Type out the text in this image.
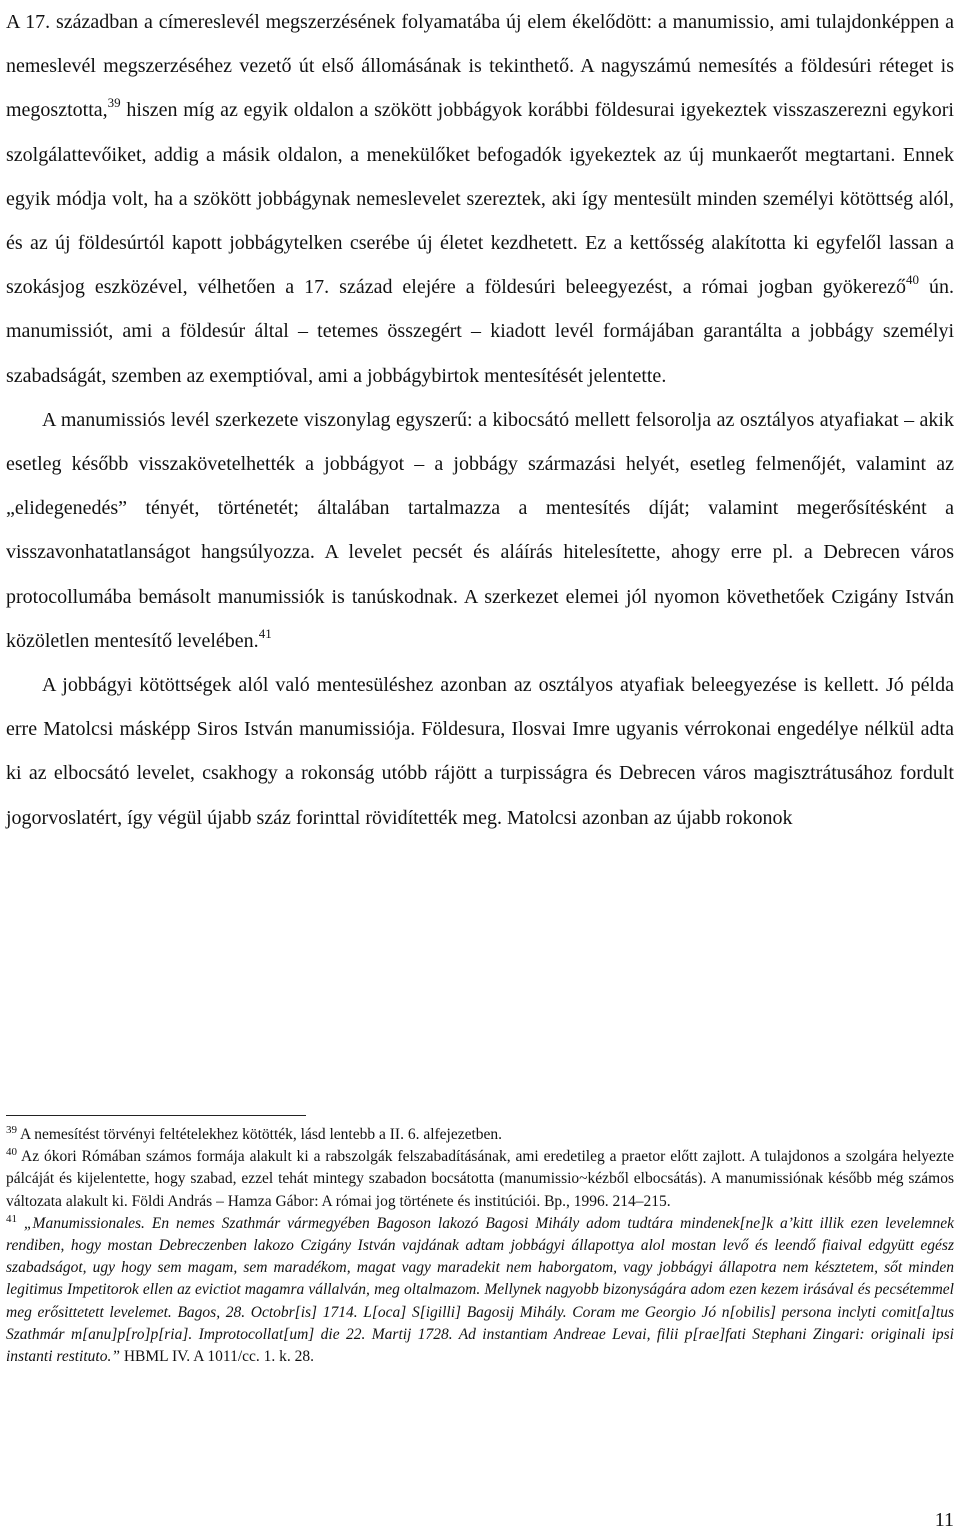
A 17. században a címereslevél megszerzésének folyamatába új elem ékelődött: a manumissio, ami tulajdonképpen a nemeslevél megszerzéséhez vezető út első állomásának is tekinthető. A nagyszámú nemesítés a földesúri réteget is megosztotta,$^{39}$ hiszen míg az egyik oldalon a szökött jobbágyok korábbi földesurai igyekeztek visszaszerezni egykori szolgálattevőiket, addig a másik oldalon, a menekülőket befogadók igyekeztek az új munkaerőt megtartani. Ennek egyik módja volt, ha a szökött jobbágynak nemeslevelet szereztek, aki így mentesült minden személyi kötöttség alól, és az új földesúrtól kapott jobbágytelken cserébe új életet kezdhetett. Ez a kettősség alakította ki egyfelől lassan a szokásjog eszközével, vélhetően a 17. század elejére a földesúri beleegyezést, a római jogban gyökerező$^{40}$ ún. manumissiót, ami a földesúr által – tetemes összegért – kiadott levél formájában garantálta a jobbágy személyi szabadságát, szemben az exemptióval, ami a jobbágybirtok mentesítését jelentette.

A manumissiós levél szerkezete viszonylag egyszerű: a kibocsátó mellett felsorolja az osztályos atyafiakat – akik esetleg később visszakövetelhették a jobbágyot – a jobbágy származási helyét, esetleg felmenőjét, valamint az „elidegenedés” tényét, történetét; általában tartalmazza a mentesítés díját; valamint megerősítésként a visszavonhatatlanságot hangsúlyozza. A levelet pecsét és aláírás hitelesítette, ahogy erre pl. a Debrecen város protocollumába bemásolt manumissiók is tanúskodnak. A szerkezet elemei jól nyomon követhetőek Czigány István közöletlen mentesítő levelében.$^{41}$

A jobbágyi kötöttségek alól való mentesüléshez azonban az osztályos atyafiak beleegyezése is kellett. Jó példa erre Matolcsi másképp Siros István manumissiója. Földesura, Ilosvai Imre ugyanis vérrokonai engedélye nélkül adta ki az elbocsátó levelet, csakhogy a rokonság utóbb rájött a turpisságra és Debrecen város magisztrátusához fordult jogorvoslatért, így végül újabb száz forinttal rövidítették meg. Matolcsi azonban az újabb rokonok

$^{39}$ A nemesítést törvényi feltételekhez kötötték, lásd lentebb a II. 6. alfejezetben.

$^{40}$ Az ókori Rómában számos formája alakult ki a rabszolgák felszabadításának, ami eredetileg a praetor előtt zajlott. A tulajdonos a szolgára helyezte pálcáját és kijelentette, hogy szabad, ezzel tehát mintegy szabadon bocsátotta (manumissio~kézből elbocsátás). A manumissiónak később még számos változata alakult ki. Földi András – Hamza Gábor: A római jog története és institúciói. Bp., 1996. 214–215.

$^{41}$ „Manumissionales. En nemes Szathmár vármegyében Bagoson lakozó Bagosi Mihály adom tudtára mindenek[ne]k a’kitt illik ezen levelemnek rendiben, hogy mostan Debreczenben lakozo Czigány István vajdának adtam jobbágyi állapottya alol mostan levő és leendő fiaival edgyütt egész szabadságot, ugy hogy sem magam, sem maradékom, magat vagy maradekit nem haborgatom, vagy jobbágyi állapotra nem késztetem, sőt minden legitimus Impetitorok ellen az evictiot magamra vállalván, meg oltalmazom. Mellynek nagyobb bizonyságára adom ezen kezem irásával és pecsétemmel meg erősittetett levelemet. Bagos, 28. Octobr[is] 1714. L[oca] S[igilli] Bagosij Mihály. Coram me Georgio Jó n[obilis] persona inclyti comit[a]tus Szathmár m[anu]p[ro]p[ria]. Improtocollat[um] die 22. Martij 1728. Ad instantiam Andreae Levai, filii p[rae]fati Stephani Zingari: originali ipsi instanti restituto.” HBML IV. A 1011/cc. 1. k. 28.

11
